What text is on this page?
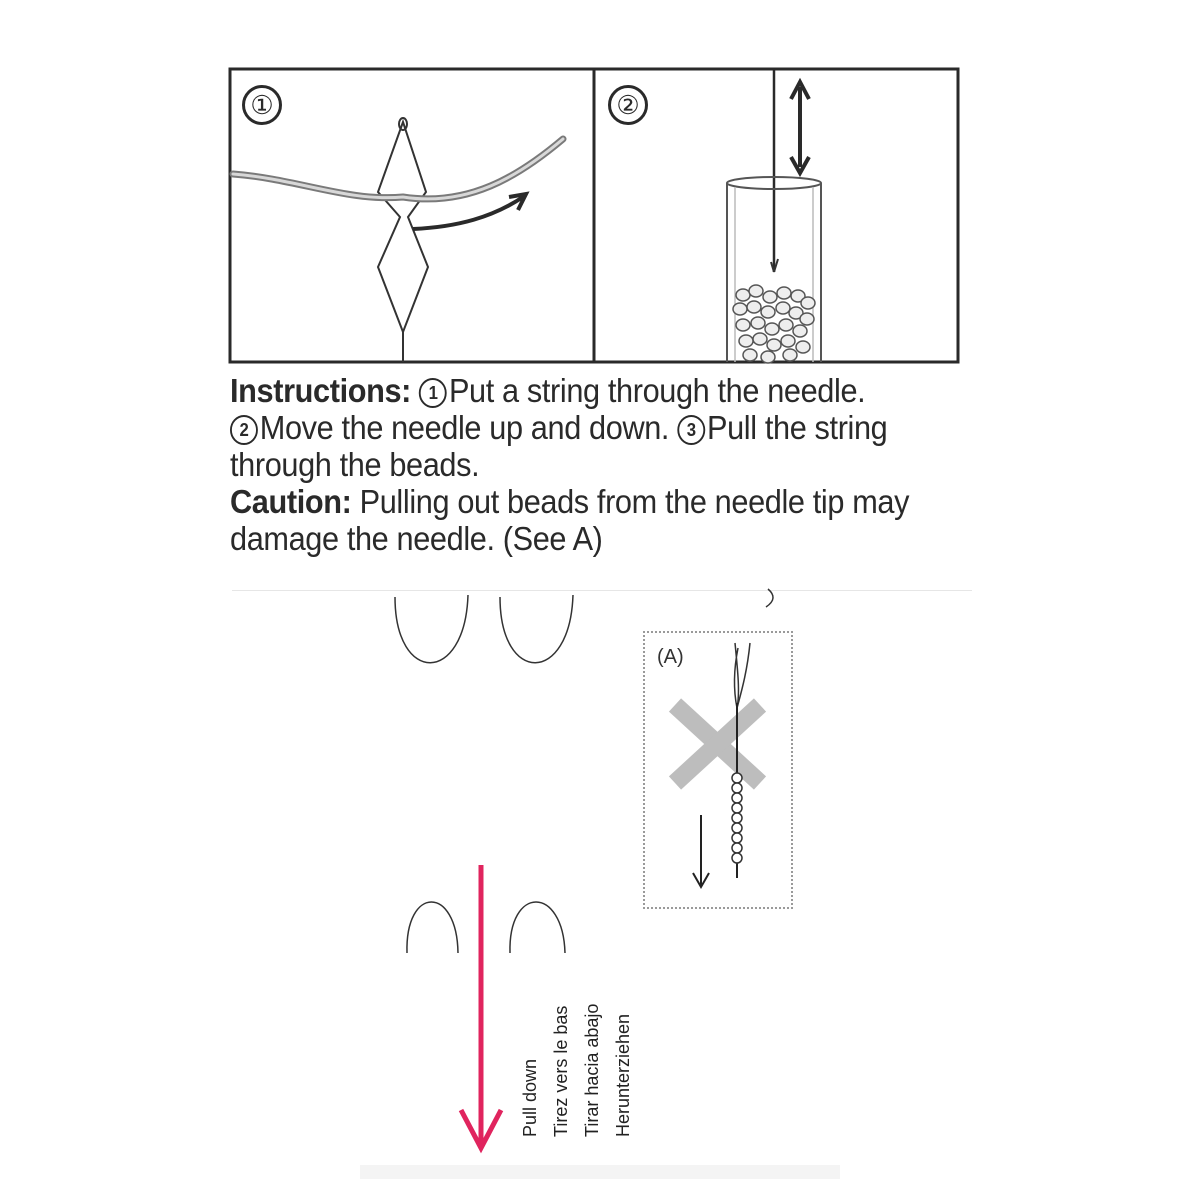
①	②

Instructions: 1 Put a string through the needle.
2 Move the needle up and down. 3 Pull the string through the beads.

Caution: Pulling out beads from the needle tip may damage the needle. (See A)

(A)
Pull down Tirez vers le bas Tirar hacia abajo Herunterziehen
